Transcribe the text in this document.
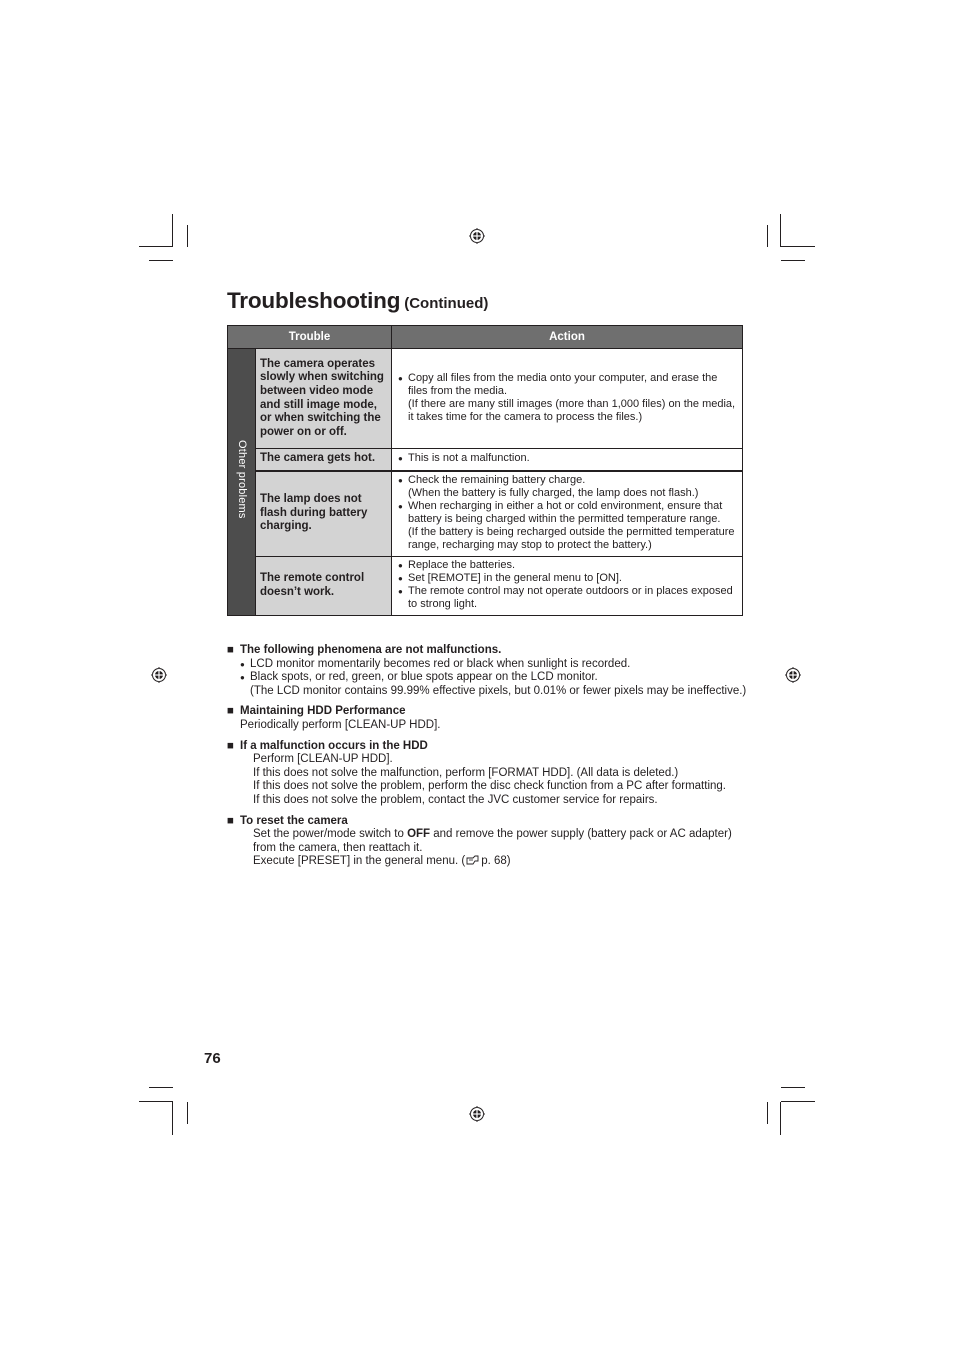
Troubleshooting (Continued)
Trouble		Action
Other problems	The camera operates slowly when switching between video mode and still image mode, or when switching the power on or off.	● Copy all files from the media onto your computer, and erase the files from the media.
(If there are many still images (more than 1,000 files) on the media, it takes time for the camera to process the files.)

	The camera gets hot.	● This is not a malfunction.

	The lamp does not flash during battery charging.	● Check the remaining battery charge.
(When the battery is fully charged, the lamp does not flash.)
● When recharging in either a hot or cold environment, ensure that battery is being charged within the permitted temperature range.
(If the battery is being recharged outside the permitted temperature range, recharging may stop to protect the battery.)

	The remote control doesn’t work.	● Replace the batteries.
● Set [REMOTE] in the general menu to [ON].
● The remote control may not operate outdoors or in places exposed to strong light.
■ The following phenomena are not malfunctions.
● LCD monitor momentarily becomes red or black when sunlight is recorded.
● Black spots, or red, green, or blue spots appear on the LCD monitor.
(The LCD monitor contains 99.99% effective pixels, but 0.01% or fewer pixels may be ineffective.)
■ Maintaining HDD Performance
Periodically perform [CLEAN-UP HDD].
■ If a malfunction occurs in the HDD
Perform [CLEAN-UP HDD].
If this does not solve the malfunction, perform [FORMAT HDD]. (All data is deleted.)
If this does not solve the problem, perform the disc check function from a PC after formatting.
If this does not solve the problem, contact the JVC customer service for repairs.
■ To reset the camera
Set the power/mode switch to OFF and remove the power supply (battery pack or AC adapter) from the camera, then reattach it.
Execute [PRESET] in the general menu. ( p. 68)
76
